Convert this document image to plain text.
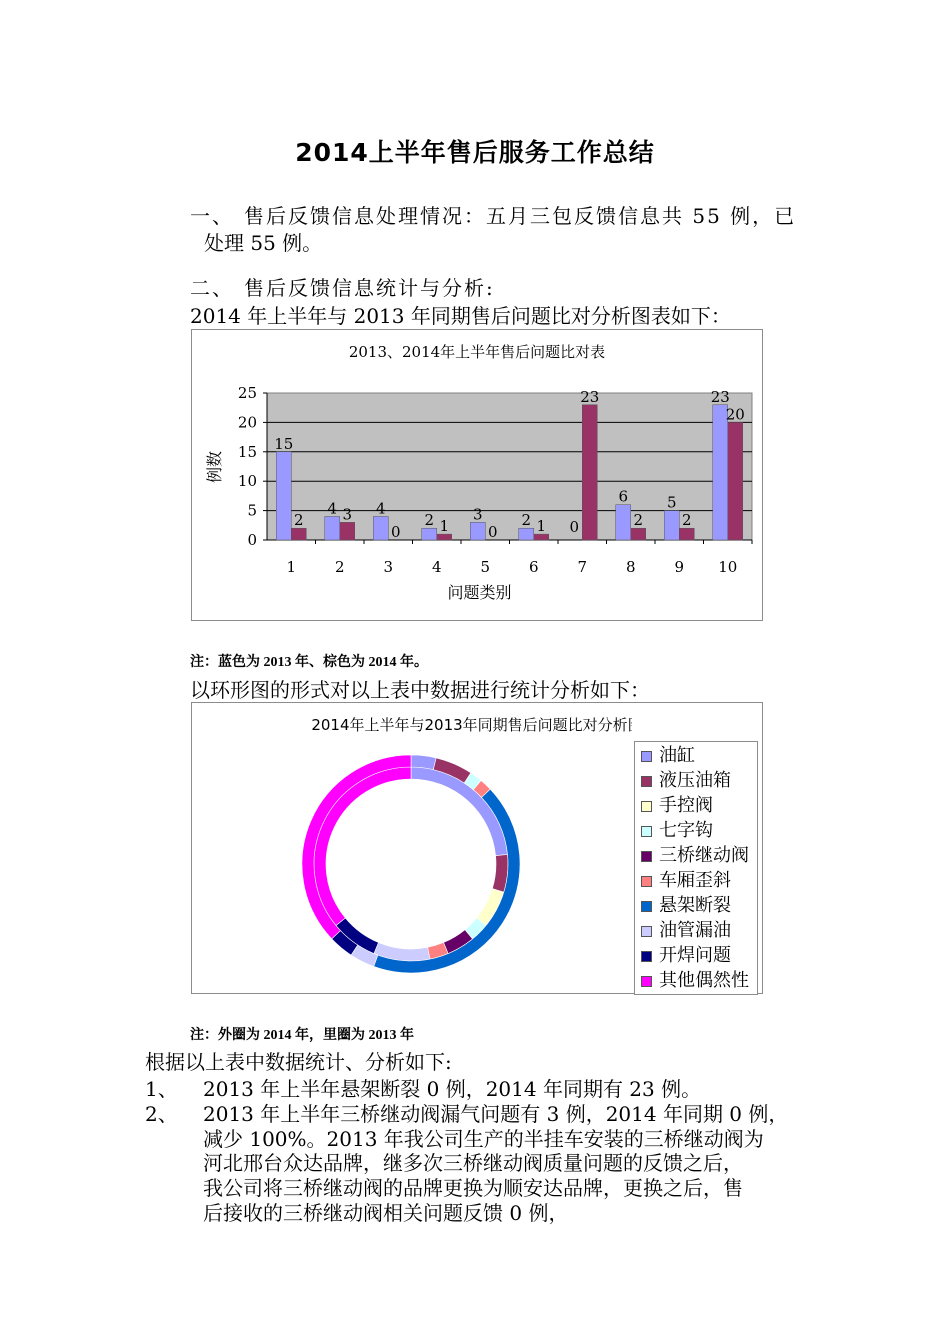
2014上半年售后服务工作总结
一、 售后反馈信息处理情况：五月三包反馈信息共 55 例，已
处理 55 例。
二、 售后反馈信息统计与分析:
2014 年上半年与 2013 年同期售后问题比对分析图表如下：
2013、2014年上半年售后问题比对表
0
5
10
15
20
25
1
15
2
2
4 3
3
4
0
4
2 1
5
3
0
6
2 1
7
23
8
6
2
9
5
2
10
23
20
0
问题类别
例数
注：蓝色为 2013 年、棕色为 2014 年。
以环形图的形式对以上表中数据进行统计分析如下：
2014年上半年与2013年同期售后问题比对分析图
油缸
液压油箱
手控阀
七字钩
三桥继动阀
车厢歪斜
悬架断裂
油管漏油
开焊问题
其他偶然性
注：外圈为 2014 年，里圈为 2013 年
根据以上表中数据统计、分析如下:
1、 2013 年上半年悬架断裂 0 例，2014 年同期有 23 例。
2、 2013 年上半年三桥继动阀漏气问题有 3 例，2014 年同期 0 例，
减少 100%。2013 年我公司生产的半挂车安装的三桥继动阀为
河北邢台众达品牌，继多次三桥继动阀质量问题的反馈之后，
我公司将三桥继动阀的品牌更换为顺安达品牌，更换之后，售
后接收的三桥继动阀相关问题反馈 0 例，
